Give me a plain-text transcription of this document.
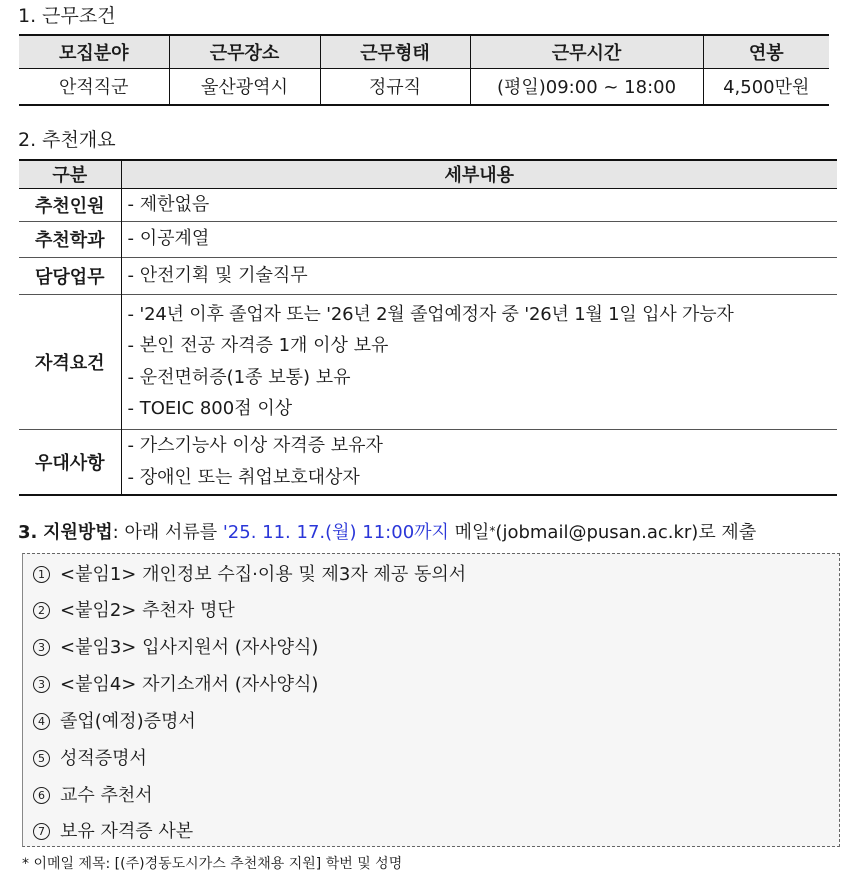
1. 근무조건
모집분야	근무장소	근무형태	근무시간	연봉
안적직군	울산광역시	정규직	(평일)09:00 ~ 18:00	4,500만원
2. 추천개요
구분	세부내용
추천인원	- 제한없음

추천학과	- 이공계열

담당업무	- 안전기획 및 기술직무

자격요건	- '24년 이후 졸업자 또는 '26년 2월 졸업예정자 중 '26년 1월 1일 입사 가능자
- 본인 전공 자격증 1개 이상 보유
- 운전면허증(1종 보통) 보유
- TOEIC 800점 이상

우대사항	- 가스기능사 이상 자격증 보유자
- 장애인 또는 취업보호대상자
3. 지원방법: 아래 서류를 '25. 11. 17.(월) 11:00까지 메일*(jobmail@pusan.ac.kr)로 제출
1 <붙임1> 개인정보 수집·이용 및 제3자 제공 동의서
2 <붙임2> 추천자 명단
3 <붙임3> 입사지원서 (자사양식)
3 <붙임4> 자기소개서 (자사양식)
4 졸업(예정)증명서
5 성적증명서
6 교수 추천서
7 보유 자격증 사본
* 이메일 제목: [(주)경동도시가스 추천채용 지원] 학번 및 성명
